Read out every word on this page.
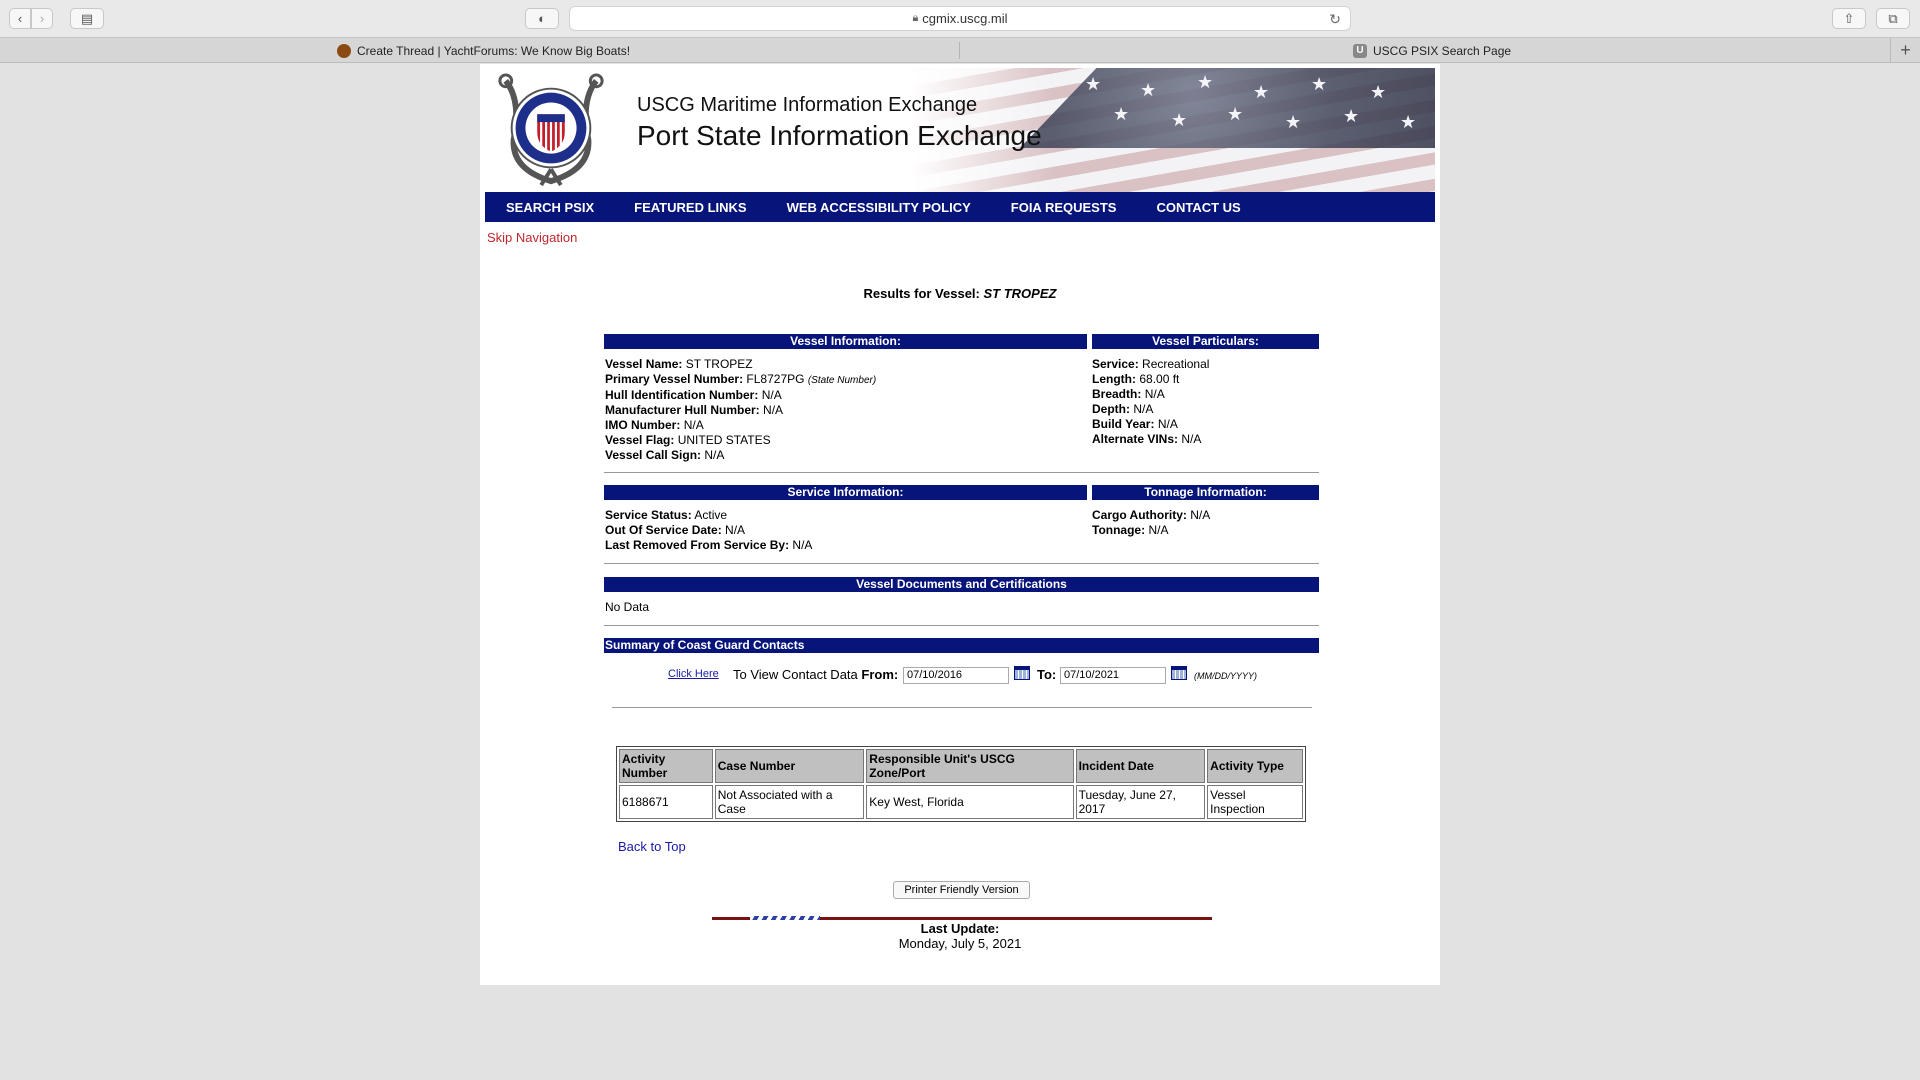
‹	›	▤	◐	🔒︎ cgmix.uscg.mil	↻	⇧	⧉
Create Thread | YachtForums: We Know Big Boats!	U USCG PSIX Search Page	+
★ ★ ★ ★ ★ ★
★ ★ ★ ★ ★ ★
USCG Maritime Information Exchange
Port State Information Exchange
SEARCH PSIX	FEATURED LINKS	WEB ACCESSIBILITY POLICY	FOIA REQUESTS	CONTACT US
Skip Navigation
Results for Vessel: ST TROPEZ
Vessel Information:	Vessel Particulars:
Vessel Name: ST TROPEZ
Primary Vessel Number: FL8727PG (State Number)
Hull Identification Number: N/A
Manufacturer Hull Number: N/A
IMO Number: N/A
Vessel Flag: UNITED STATES
Vessel Call Sign: N/A
Service: Recreational
Length: 68.00 ft
Breadth: N/A
Depth: N/A
Build Year: N/A
Alternate VINs: N/A
Service Information:	Tonnage Information:
Service Status: Active
Out Of Service Date: N/A
Last Removed From Service By: N/A
Cargo Authority: N/A
Tonnage: N/A
Vessel Documents and Certifications
No Data
Summary of Coast Guard Contacts
Click Here To View Contact Data From: 07/10/2016	To: 07/10/2021	(MM/DD/YYYY)
Activity Number	Case Number	Responsible Unit's USCG Zone/Port	Incident Date	Activity Type
6188671	Not Associated with a Case	Key West, Florida	Tuesday, June 27, 2017	Vessel Inspection
Back to Top
Printer Friendly Version
Last Update:
Monday, July 5, 2021
